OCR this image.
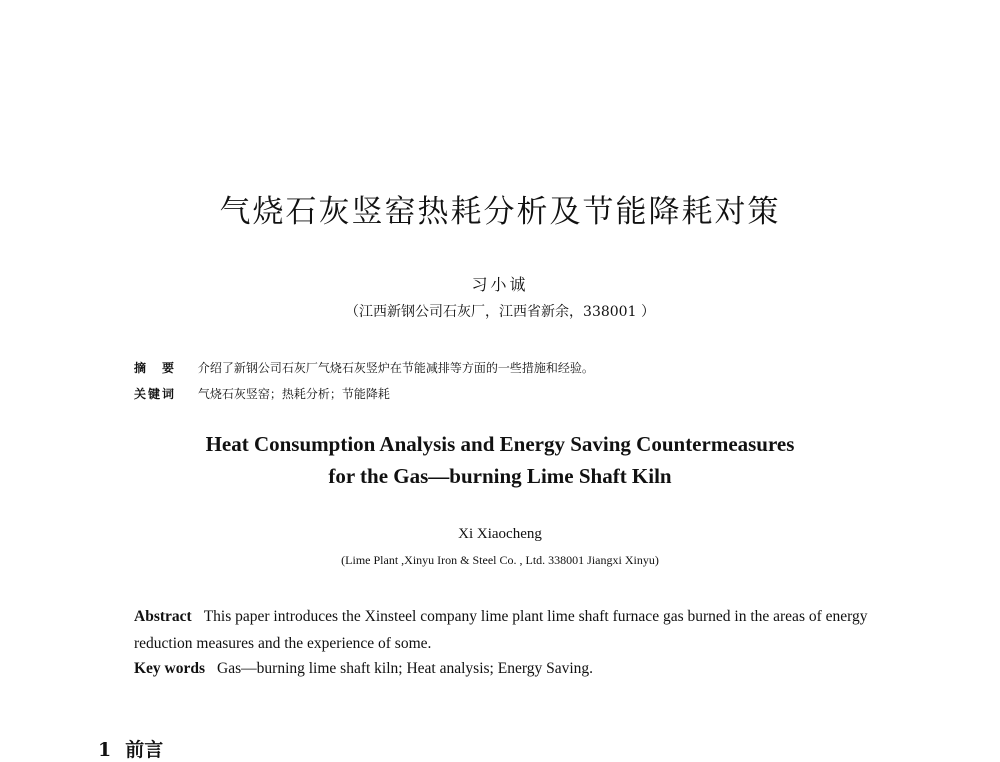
气烧石灰竖窑热耗分析及节能降耗对策
习小诚
（江西新钢公司石灰厂，江西省新余，338001 ）
摘　要 介绍了新钢公司石灰厂气烧石灰竖炉在节能减排等方面的一些措施和经验。
关键词 气烧石灰竖窑；热耗分析；节能降耗
Heat Consumption Analysis and Energy Saving Countermeasures
for the Gas—burning Lime Shaft Kiln
Xi Xiaocheng
(Lime Plant ,Xinyu Iron & Steel Co. , Ltd. 338001 Jiangxi Xinyu)
Abstract This paper introduces the Xinsteel company lime plant lime shaft furnace gas burned in the areas of energy reduction measures and the experience of some.
Key words Gas—burning lime shaft kiln; Heat analysis; Energy Saving.
1 前言
